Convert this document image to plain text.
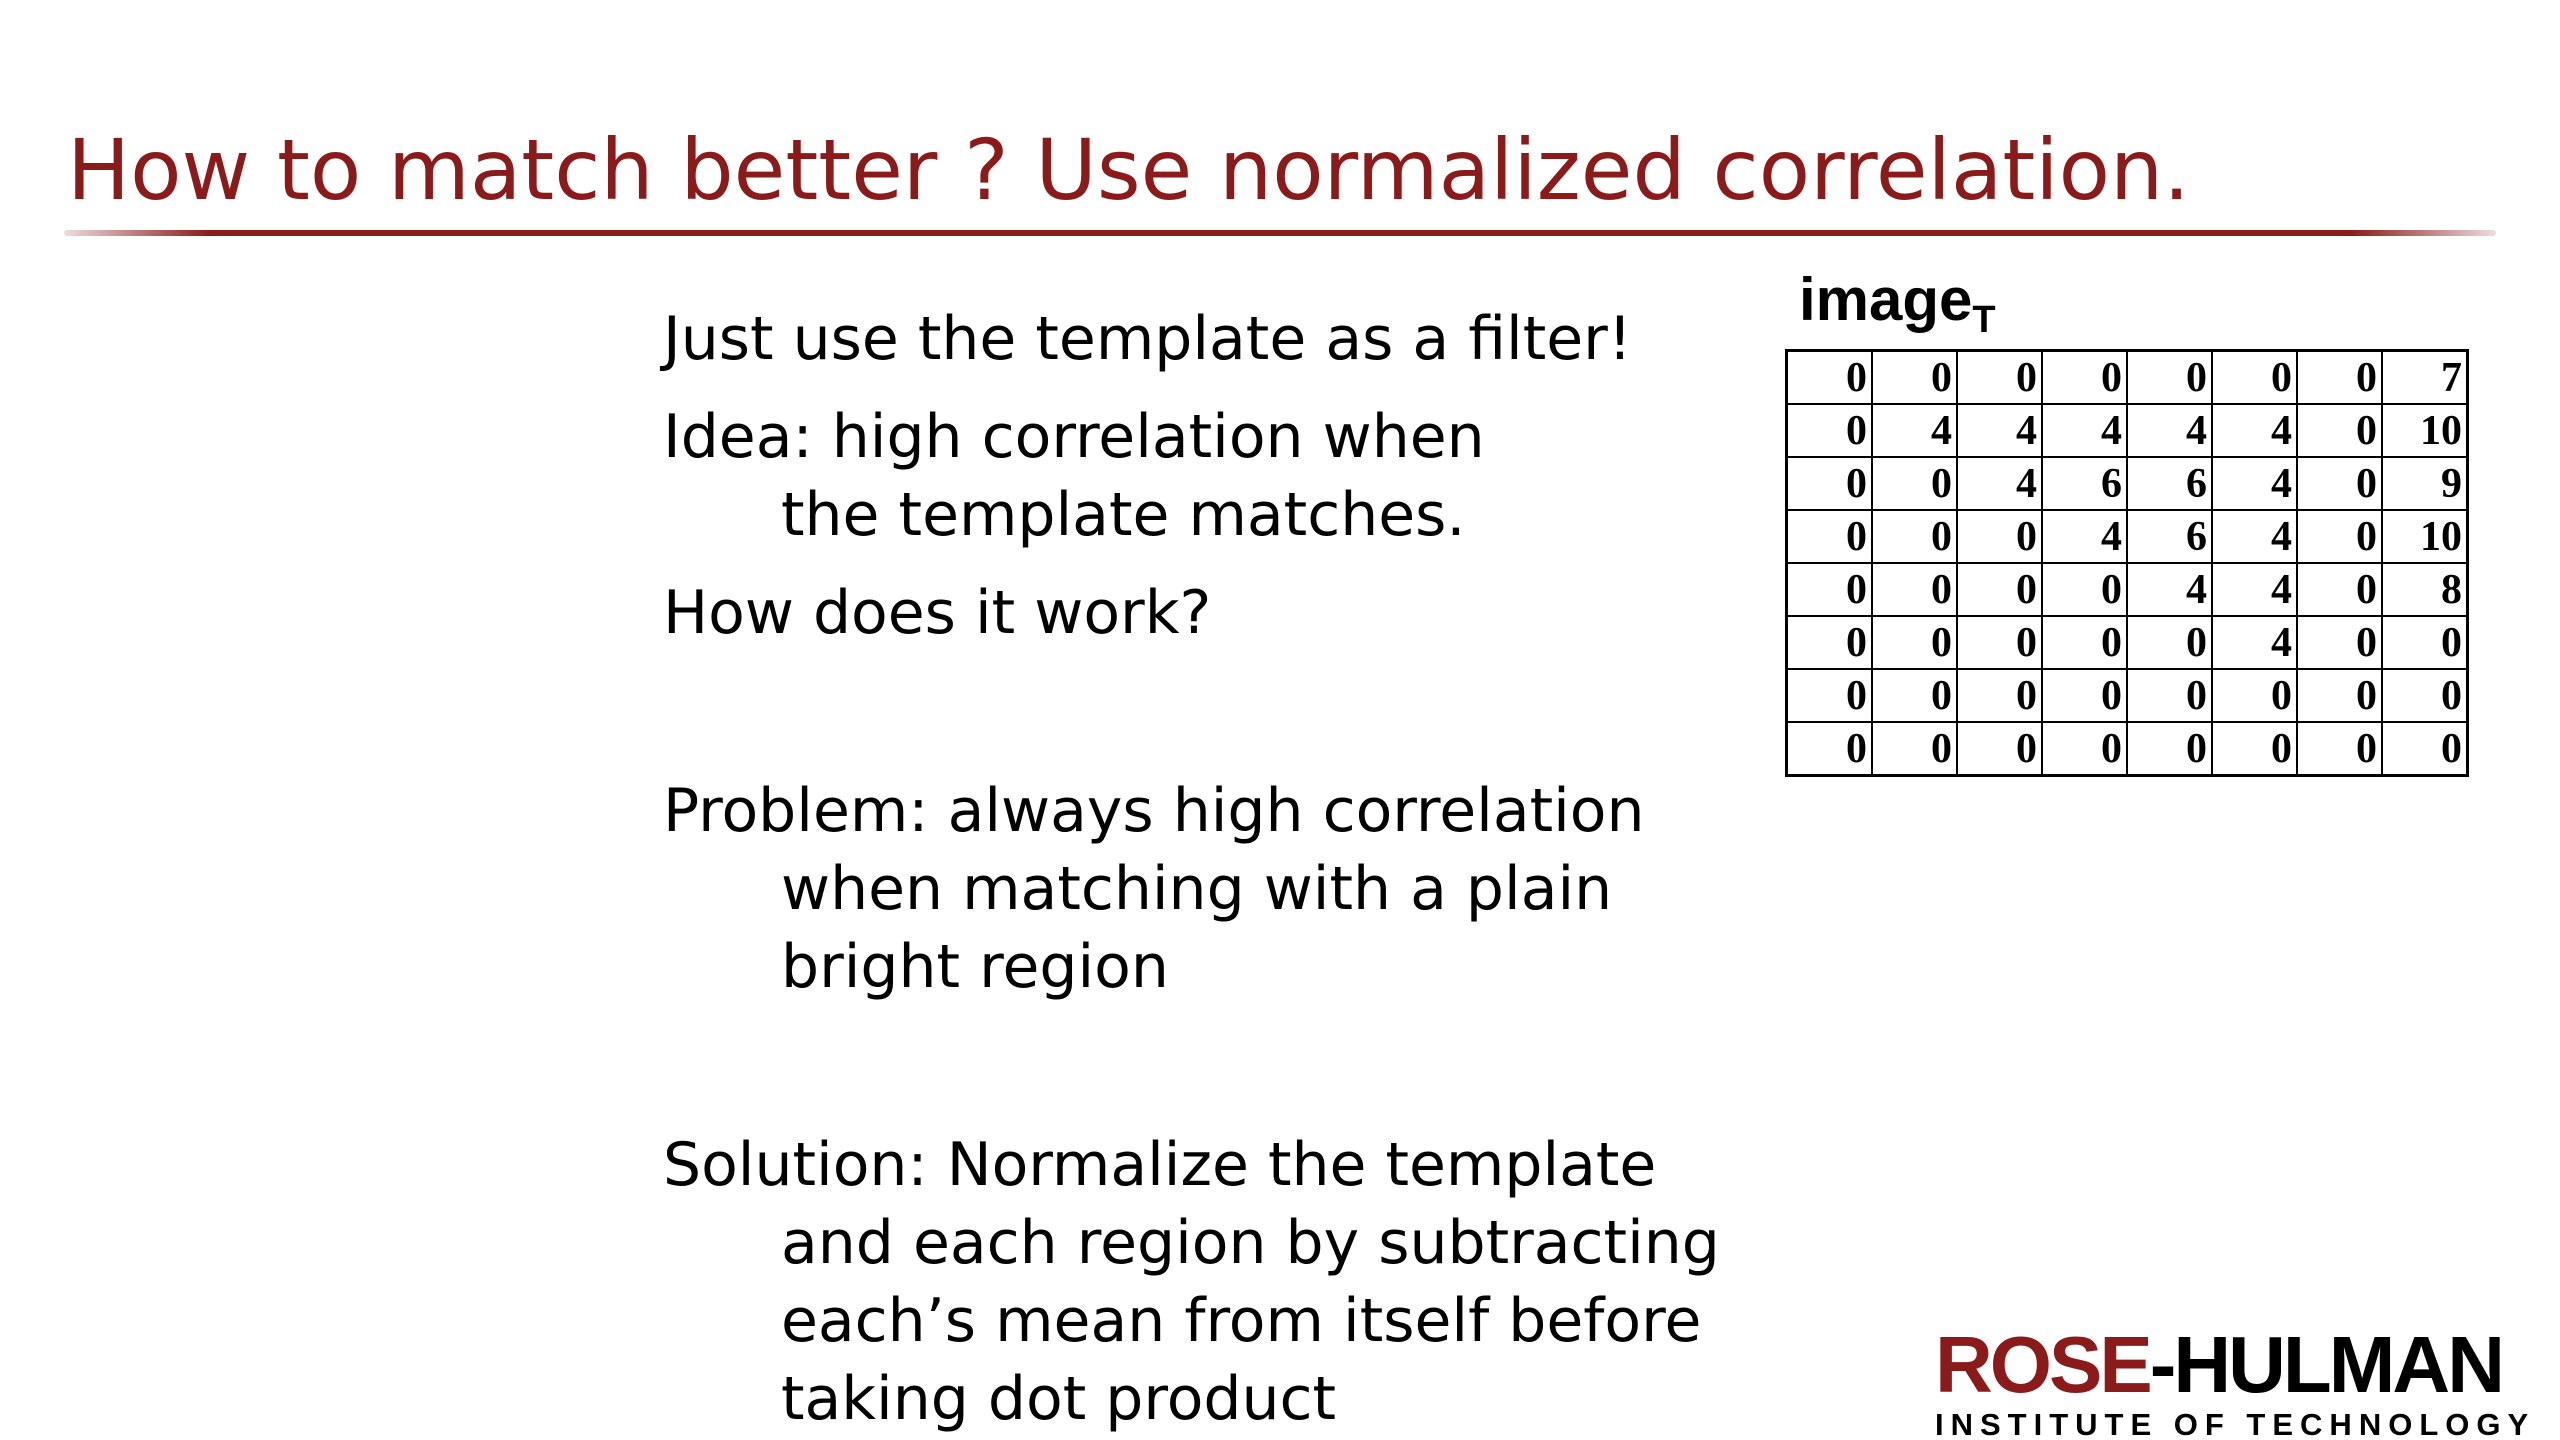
How to match better ? Use normalized correlation.

Just use the template as a filter!

Idea: high correlation when
the template matches.

How does it work?

Problem: always high correlation
when matching with a plain
bright region

Solution: Normalize the template
and each region by subtracting
each’s mean from itself before
taking dot product

image$_T$
0	0	0	0	0	0	0	7
0	4	4	4	4	4	0	10
0	0	4	6	6	4	0	9
0	0	0	4	6	4	0	10
0	0	0	0	4	4	0	8
0	0	0	0	0	4	0	0
0	0	0	0	0	0	0	0
0	0	0	0	0	0	0	0
ROSE-HULMAN
INSTITUTE OF TECHNOLOGY
